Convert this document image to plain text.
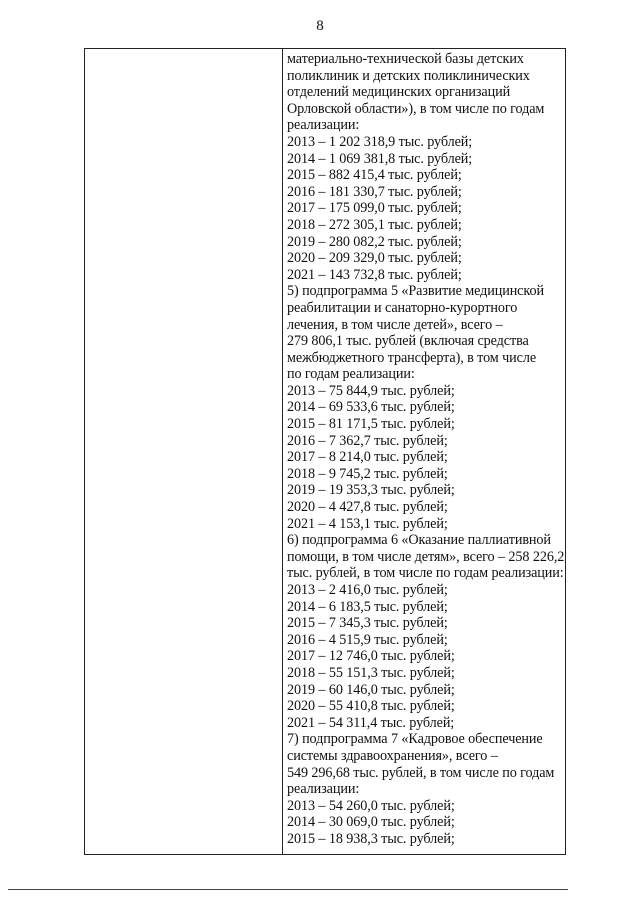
8
материально-технической базы детских
поликлиник и детских поликлинических
отделений медицинских организаций
Орловской области»), в том числе по годам
реализации:
2013 – 1 202 318,9 тыс. рублей;
2014 – 1 069 381,8 тыс. рублей;
2015 – 882 415,4 тыс. рублей;
2016 – 181 330,7 тыс. рублей;
2017 – 175 099,0 тыс. рублей;
2018 – 272 305,1 тыс. рублей;
2019 – 280 082,2 тыс. рублей;
2020 – 209 329,0 тыс. рублей;
2021 – 143 732,8 тыс. рублей;
5) подпрограмма 5 «Развитие медицинской
реабилитации и санаторно-курортного
лечения, в том числе детей», всего –
279 806,1 тыс. рублей (включая средства
межбюджетного трансферта), в том числе
по годам реализации:
2013 – 75 844,9 тыс. рублей;
2014 – 69 533,6 тыс. рублей;
2015 – 81 171,5 тыс. рублей;
2016 – 7 362,7 тыс. рублей;
2017 – 8 214,0 тыс. рублей;
2018 – 9 745,2 тыс. рублей;
2019 – 19 353,3 тыс. рублей;
2020 – 4 427,8 тыс. рублей;
2021 – 4 153,1 тыс. рублей;
6) подпрограмма 6 «Оказание паллиативной
помощи, в том числе детям», всего – 258 226,2
тыс. рублей, в том числе по годам реализации:
2013 – 2 416,0 тыс. рублей;
2014 – 6 183,5 тыс. рублей;
2015 – 7 345,3 тыс. рублей;
2016 – 4 515,9 тыс. рублей;
2017 – 12 746,0 тыс. рублей;
2018 – 55 151,3 тыс. рублей;
2019 – 60 146,0 тыс. рублей;
2020 – 55 410,8 тыс. рублей;
2021 – 54 311,4 тыс. рублей;
7) подпрограмма 7 «Кадровое обеспечение
системы здравоохранения», всего –
549 296,68 тыс. рублей, в том числе по годам
реализации:
2013 – 54 260,0 тыс. рублей;
2014 – 30 069,0 тыс. рублей;
2015 – 18 938,3 тыс. рублей;
